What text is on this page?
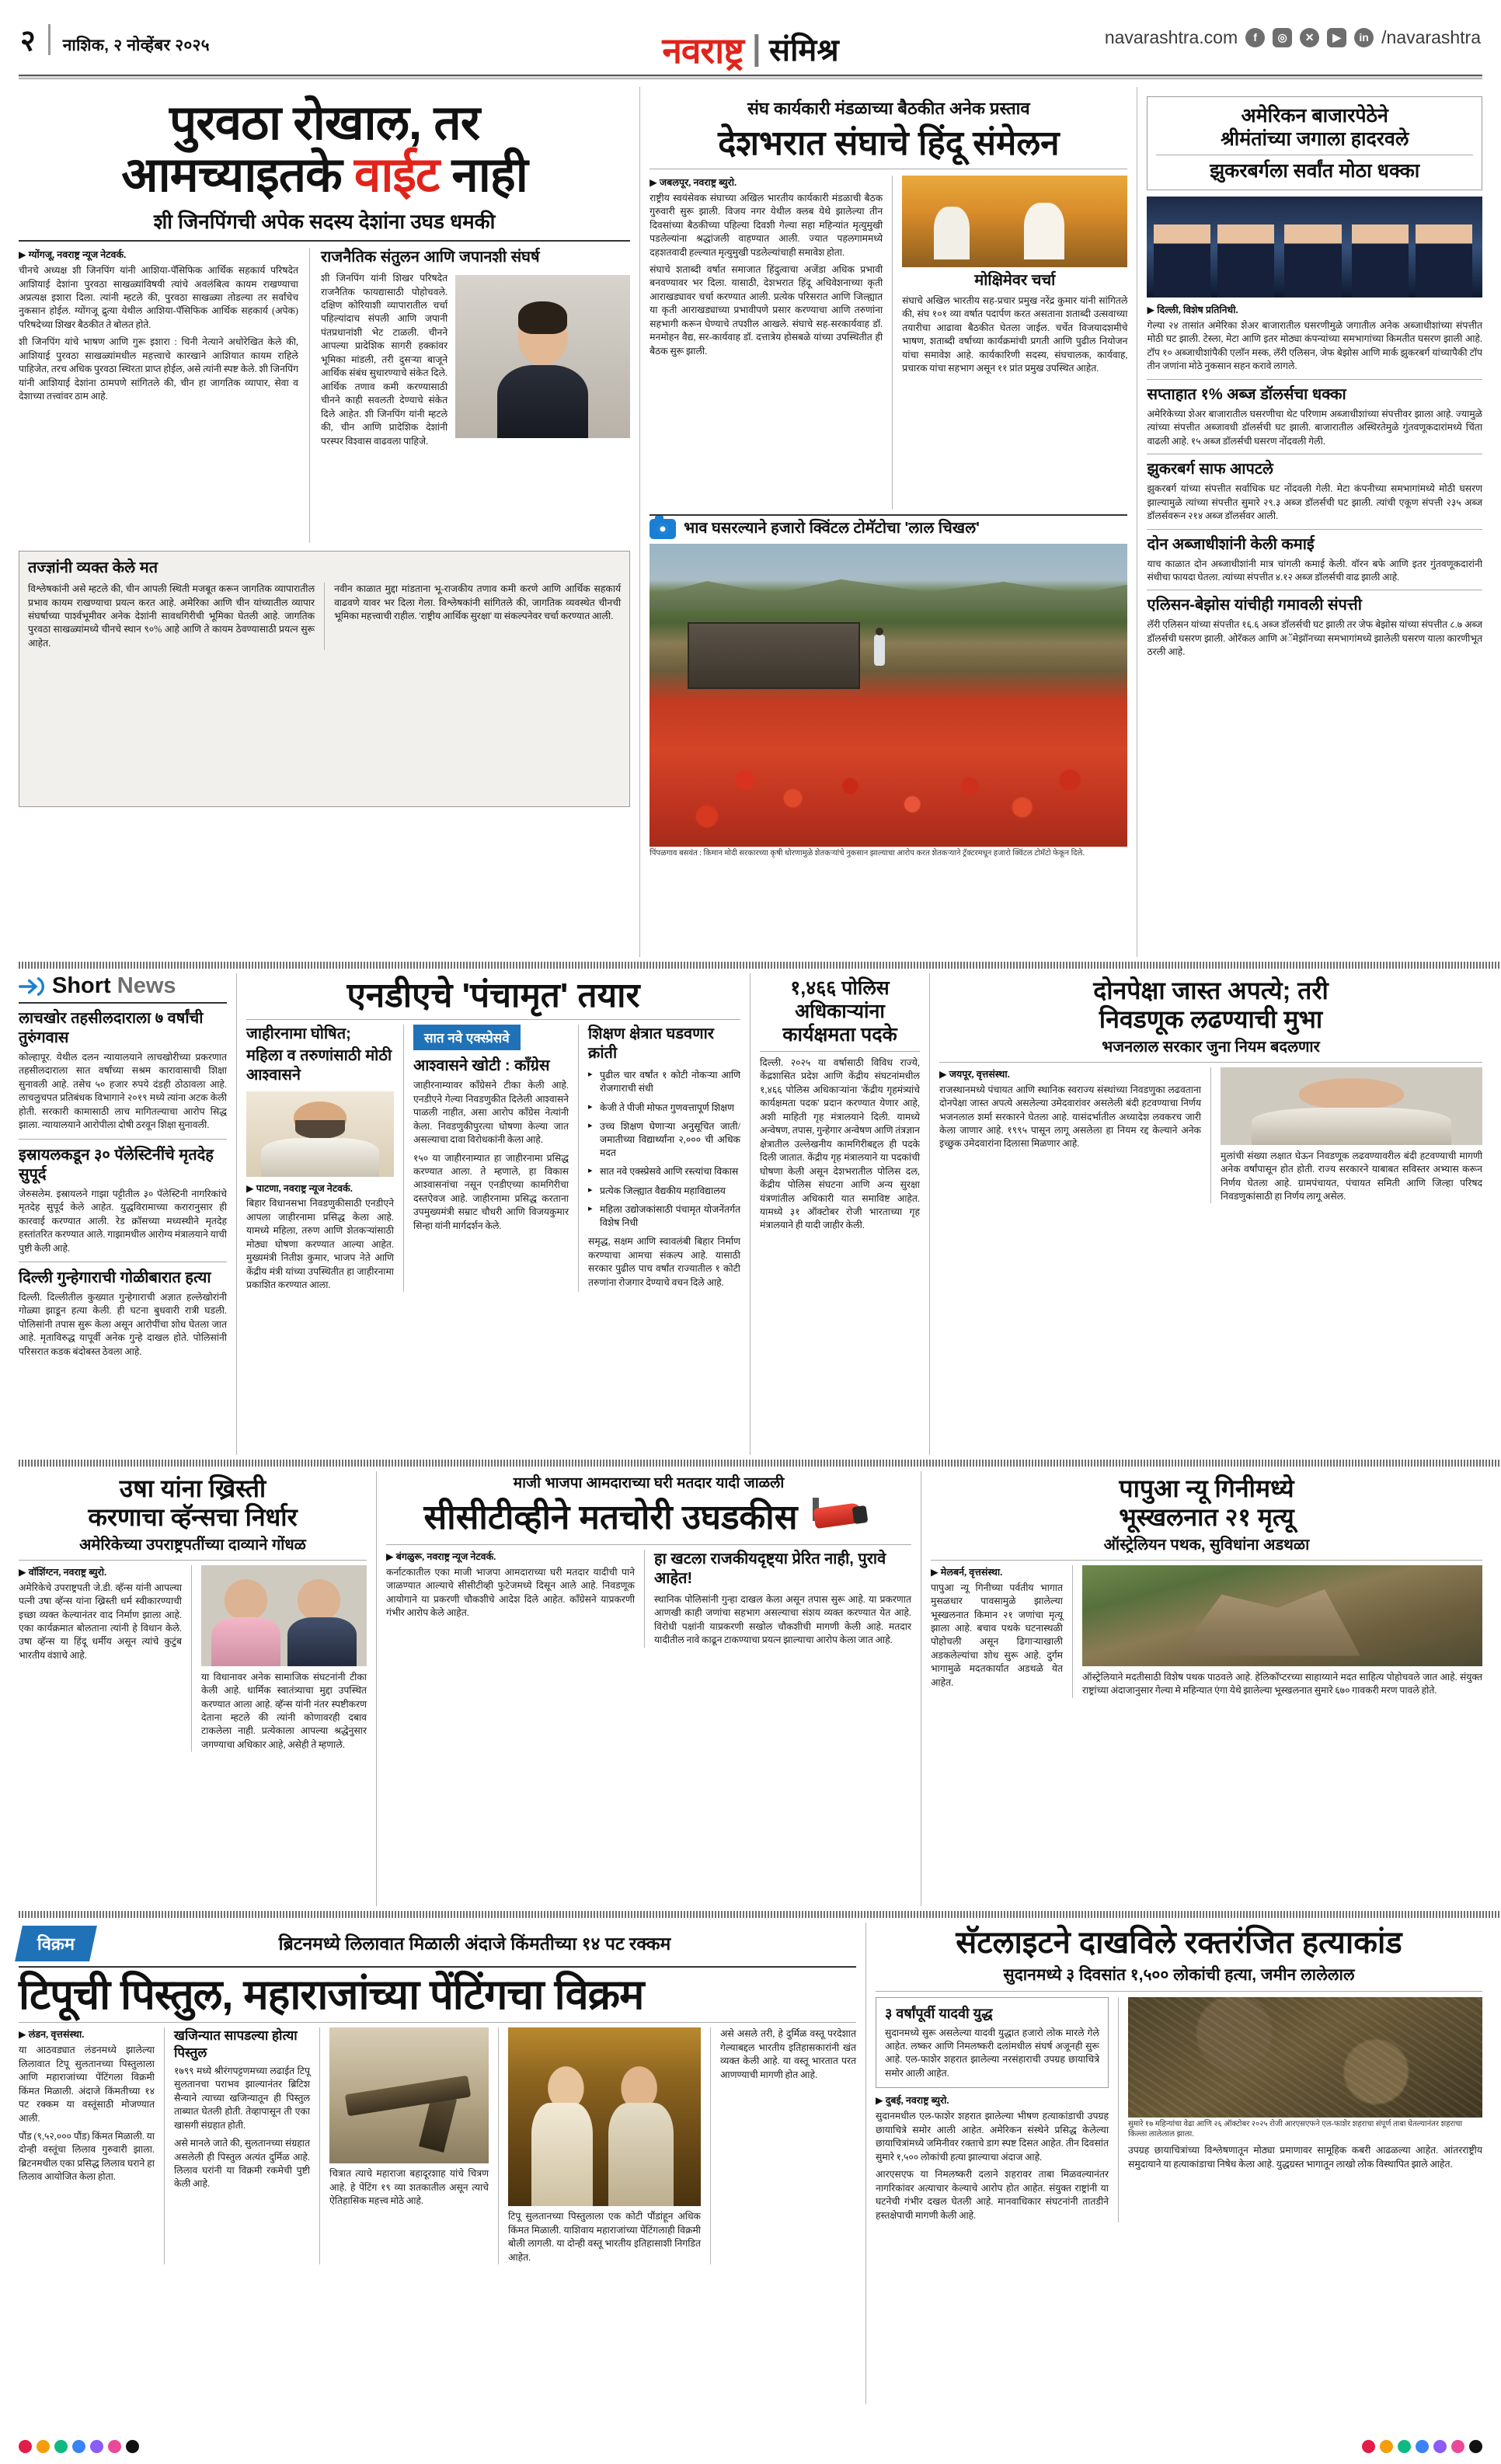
२ नाशिक, २ नोव्हेंबर २०२५	नवराष्ट्र संमिश्र	navarashtra.com	f	◎	✕	▶	in /navarashtra
पुरवठा रोखाल, तर
आमच्याइतके वाईट नाही
शी जिनपिंगची अपेक सदस्य देशांना उघड धमकी
▶ ग्योंगजू, नवराष्ट्र न्यूज नेटवर्क.

चीनचे अध्यक्ष शी जिनपिंग यांनी आशिया-पॅसिफिक आर्थिक सहकार्य परिषदेत आशियाई देशांना पुरवठा साखळ्यांविषयी त्यांचे अवलंबित्व कायम राखण्याचा अप्रत्यक्ष इशारा दिला. त्यांनी म्हटले की, पुरवठा साखळ्या तोडल्या तर सर्वांचेच नुकसान होईल. ग्योंगजू द्रुत्या येथील आशिया-पॅसिफिक आर्थिक सहकार्य (अपेक) परिषदेच्या शिखर बैठकीत ते बोलत होते.

शी जिनपिंग यांचे भाषण आणि गुरू इशारा : चिनी नेत्याने अधोरेखित केले की, आशियाई पुरवठा साखळ्यांमधील महत्त्वाचे कारखाने आशियात कायम राहिले पाहिजेत, तरच अधिक पुरवठा स्थिरता प्राप्त होईल, असे त्यांनी स्पष्ट केले. शी जिनपिंग यांनी आशियाई देशांना ठामपणे सांगितले की, चीन हा जागतिक व्यापार, सेवा व देशाच्या तत्त्वांवर ठाम आहे.

राजनैतिक संतुलन आणि जपानशी संघर्ष
शी जिनपिंग यांनी शिखर परिषदेत राजनैतिक फायद्यासाठी पोहोचवले. दक्षिण कोरियाशी व्यापारातील चर्चा पहिल्यांदाच संपली आणि जपानी पंतप्रधानांशी भेट टाळली. चीनने आपल्या प्रादेशिक सागरी हक्कांवर भूमिका मांडली, तरी दुसऱ्या बाजूने आर्थिक संबंध सुधारण्याचे संकेत दिले. आर्थिक तणाव कमी करण्यासाठी चीनने काही सवलती देण्याचे संकेत दिले आहेत. शी जिनपिंग यांनी म्हटले की, चीन आणि प्रादेशिक देशांनी परस्पर विश्वास वाढवला पाहिजे.
तज्ज्ञांनी व्यक्त केले मत
विश्लेषकांनी असे म्हटले की, चीन आपली स्थिती मजबूत करून जागतिक व्यापारातील प्रभाव कायम राखण्याचा प्रयत्न करत आहे. अमेरिका आणि चीन यांच्यातील व्यापार संघर्षाच्या पार्श्वभूमीवर अनेक देशांनी सावधगिरीची भूमिका घेतली आहे. जागतिक पुरवठा साखळ्यांमध्ये चीनचे स्थान ९०% आहे आणि ते कायम ठेवण्यासाठी प्रयत्न सुरू आहेत.
नवीन काळात मुद्दा मांडताना भू-राजकीय तणाव कमी करणे आणि आर्थिक सहकार्य वाढवणे यावर भर दिला गेला. विश्लेषकांनी सांगितले की, जागतिक व्यवस्थेत चीनची भूमिका महत्त्वाची राहील. 'राष्ट्रीय आर्थिक सुरक्षा' या संकल्पनेवर चर्चा करण्यात आली.
संघ कार्यकारी मंडळाच्या बैठकीत अनेक प्रस्ताव
देशभरात संघाचे हिंदू संमेलन
▶ जबलपूर, नवराष्ट्र ब्युरो.

राष्ट्रीय स्वयंसेवक संघाच्या अखिल भारतीय कार्यकारी मंडळाची बैठक गुरुवारी सुरू झाली. विजय नगर येथील क्लब येथे झालेल्या तीन दिवसांच्या बैठकीच्या पहिल्या दिवशी गेल्या सहा महिन्यांत मृत्युमुखी पडलेल्यांना श्रद्धांजली वाहण्यात आली. ज्यात पहलगाममध्ये दहशतवादी हल्ल्यात मृत्युमुखी पडलेल्यांचाही समावेश होता.

संघाचे शताब्दी वर्षात समाजात हिंदुत्वाचा अजेंडा अधिक प्रभावी बनवण्यावर भर दिला. यासाठी, देशभरात हिंदू अधिवेशनाच्या कृती आराखड्यावर चर्चा करण्यात आली. प्रत्येक परिसरात आणि जिल्ह्यात या कृती आराखड्याच्या प्रभावीपणे प्रसार करण्याचा आणि तरुणांना सहभागी करून घेण्याचे तपशील आखले. संघाचे सह-सरकार्यवाह डॉ. मनमोहन वैद्य, सर-कार्यवाह डॉ. दत्तात्रेय होसबळे यांच्या उपस्थितीत ही बैठक सुरू झाली.

मोक्षिमेवर चर्चा
संघाचे अखिल भारतीय सह-प्रचार प्रमुख नरेंद्र कुमार यांनी सांगितले की, संघ १०१ व्या वर्षात पदार्पण करत असताना शताब्दी उत्सवाच्या तयारीचा आढावा बैठकीत घेतला जाईल. चर्चेत विजयादशमीचे भाषण, शताब्दी वर्षाच्या कार्यक्रमांची प्रगती आणि पुढील नियोजन यांचा समावेश आहे. कार्यकारिणी सदस्य, संघचालक, कार्यवाह, प्रचारक यांचा सहभाग असून ११ प्रांत प्रमुख उपस्थित आहेत.
भाव घसरल्याने हजारो क्विंटल टोमॅटोचा 'लाल चिखल'
पिंपळगाव बसवंत : किमान मोदी सरकारच्या कृषी धोरणामुळे शेतकऱ्यांचे नुकसान झाल्याचा आरोप करत शेतकऱ्याने ट्रॅक्टरमधून हजारो क्विंटल टोमॅटो फेकून दिले.
अमेरिकन बाजारपेठेने
श्रीमंतांच्या जगाला हादरवले
झुकरबर्गला सर्वांत मोठा धक्का
▶ दिल्ली, विशेष प्रतिनिधी.
गेल्या २४ तासांत अमेरिका शेअर बाजारातील घसरणीमुळे जगातील अनेक अब्जाधीशांच्या संपत्तीत मोठी घट झाली. टेस्ला, मेटा आणि इतर मोठ्या कंपन्यांच्या समभागांच्या किमतीत घसरण झाली आहे. टॉप १० अब्जाधीशांपैकी एलाॅन मस्क, लॅरी एलिसन, जेफ बेझोस आणि मार्क झुकरबर्ग यांच्यापैकी टॉप तीन जणांना मोठे नुकसान सहन करावे लागले.
सप्ताहात १% अब्ज डॉलर्सचा धक्का
अमेरिकेच्या शेअर बाजारातील घसरणीचा थेट परिणाम अब्जाधीशांच्या संपत्तीवर झाला आहे. ज्यामुळे त्यांच्या संपत्तीत अब्जावधी डॉलर्सची घट झाली. बाजारातील अस्थिरतेमुळे गुंतवणूकदारांमध्ये चिंता वाढली आहे. १५ अब्ज डॉलर्सची घसरण नोंदवली गेली.
झुकरबर्ग साफ आपटले
झुकरबर्ग यांच्या संपत्तीत सर्वाधिक घट नोंदवली गेली. मेटा कंपनीच्या समभागांमध्ये मोठी घसरण झाल्यामुळे त्यांच्या संपत्तीत सुमारे २९.३ अब्ज डॉलर्सची घट झाली. त्यांची एकूण संपत्ती २३५ अब्ज डॉलर्सवरून २१४ अब्ज डॉलर्सवर आली.
दोन अब्जाधीशांनी केली कमाई
याच काळात दोन अब्जाधीशांनी मात्र चांगली कमाई केली. वॉरन बफे आणि इतर गुंतवणूकदारांनी संधीचा फायदा घेतला. त्यांच्या संपत्तीत ४.१२ अब्ज डॉलर्सची वाढ झाली आहे.
एलिसन-बेझोस यांचीही गमावली संपत्ती
लॅरी एलिसन यांच्या संपत्तीत १६.६ अब्ज डॉलर्सची घट झाली तर जेफ बेझोस यांच्या संपत्तीत ८.७ अब्ज डॉलर्सची घसरण झाली. ओरॅकल आणि अॅमेझॉनच्या समभागांमध्ये झालेली घसरण याला कारणीभूत ठरली आहे.
Short News
लाचखोर तहसीलदाराला ७ वर्षांची तुरुंगवास
कोल्हापूर. येथील दलन न्यायालयाने लाचखोरीच्या प्रकरणात तहसीलदाराला सात वर्षांच्या सश्रम कारावासाची शिक्षा सुनावली आहे. तसेच ५० हजार रुपये दंडही ठोठावला आहे. लाचलुचपत प्रतिबंधक विभागाने २०१९ मध्ये त्यांना अटक केली होती. सरकारी कामासाठी लाच मागितल्याचा आरोप सिद्ध झाला. न्यायालयाने आरोपीला दोषी ठरवून शिक्षा सुनावली.
इस्रायलकडून ३० पॅलेस्टिनींचे मृतदेह सुपूर्द
जेरुसलेम. इस्रायलने गाझा पट्टीतील ३० पॅलेस्टिनी नागरिकांचे मृतदेह सुपूर्द केले आहेत. युद्धविरामाच्या करारानुसार ही कारवाई करण्यात आली. रेड क्रॉसच्या मध्यस्थीने मृतदेह हस्तांतरित करण्यात आले. गाझामधील आरोग्य मंत्रालयाने याची पुष्टी केली आहे.
दिल्ली गुन्हेगाराची गोळीबारात हत्या
दिल्ली. दिल्लीतील कुख्यात गुन्हेगाराची अज्ञात हल्लेखोरांनी गोळ्या झाडून हत्या केली. ही घटना बुधवारी रात्री घडली. पोलिसांनी तपास सुरू केला असून आरोपींचा शोध घेतला जात आहे. मृताविरुद्ध यापूर्वी अनेक गुन्हे दाखल होते. पोलिसांनी परिसरात कडक बंदोबस्त ठेवला आहे.
एनडीएचे 'पंचामृत' तयार
जाहीरनामा घोषित;
महिला व तरुणांसाठी मोठी आश्वासने
▶ पाटणा, नवराष्ट्र न्यूज नेटवर्क.
बिहार विधानसभा निवडणुकीसाठी एनडीएने आपला जाहीरनामा प्रसिद्ध केला आहे. यामध्ये महिला, तरुण आणि शेतकऱ्यांसाठी मोठ्या घोषणा करण्यात आल्या आहेत. मुख्यमंत्री नितीश कुमार, भाजप नेते आणि केंद्रीय मंत्री यांच्या उपस्थितीत हा जाहीरनामा प्रकाशित करण्यात आला.
सात नवे एक्स्प्रेसवे
आश्वासने खोटी : काँग्रेस
जाहीरनाम्यावर काँग्रेसने टीका केली आहे. एनडीएने गेल्या निवडणुकीत दिलेली आश्वासने पाळली नाहीत, असा आरोप काँग्रेस नेत्यांनी केला. निवडणुकीपुरत्या घोषणा केल्या जात असल्याचा दावा विरोधकांनी केला आहे.
१५० या जाहीरनाम्यात हा जाहीरनामा प्रसिद्ध करण्यात आला. ते म्हणाले, हा विकास आश्वासनांचा नसून एनडीएच्या कामगिरीचा दस्तऐवज आहे. जाहीरनामा प्रसिद्ध करताना उपमुख्यमंत्री सम्राट चौधरी आणि विजयकुमार सिन्हा यांनी मार्गदर्शन केले.
शिक्षण क्षेत्रात घडवणार क्रांती
▸ पुढील चार वर्षांत १ कोटी नोकऱ्या आणि रोजगाराची संधी
▸ केजी ते पीजी मोफत गुणवत्तापूर्ण शिक्षण
▸ उच्च शिक्षण घेणाऱ्या अनुसूचित जाती/जमातीच्या विद्यार्थ्यांना २,००० ची अधिक मदत
▸ सात नवे एक्स्प्रेसवे आणि रस्त्यांचा विकास
▸ प्रत्येक जिल्ह्यात वैद्यकीय महाविद्यालय
▸ महिला उद्योजकांसाठी पंचामृत योजनेंतर्गत विशेष निधी
समृद्ध, सक्षम आणि स्वावलंबी बिहार निर्माण करण्याचा आमचा संकल्प आहे. यासाठी सरकार पुढील पाच वर्षांत राज्यातील १ कोटी तरुणांना रोजगार देण्याचे वचन दिले आहे.
१,४६६ पोलिस
अधिकाऱ्यांना
कार्यक्षमता पदके
दिल्ली. २०२५ या वर्षासाठी विविध राज्ये, केंद्रशासित प्रदेश आणि केंद्रीय संघटनांमधील १,४६६ पोलिस अधिकाऱ्यांना 'केंद्रीय गृहमंत्र्यांचे कार्यक्षमता पदक' प्रदान करण्यात येणार आहे, अशी माहिती गृह मंत्रालयाने दिली. यामध्ये अन्वेषण, तपास, गुन्हेगार अन्वेषण आणि तंत्रज्ञान क्षेत्रातील उल्लेखनीय कामगिरीबद्दल ही पदके दिली जातात. केंद्रीय गृह मंत्रालयाने या पदकांची घोषणा केली असून देशभरातील पोलिस दल, केंद्रीय पोलिस संघटना आणि अन्य सुरक्षा यंत्रणांतील अधिकारी यात समाविष्ट आहेत. यामध्ये ३१ ऑक्टोबर रोजी भारताच्या गृह मंत्रालयाने ही यादी जाहीर केली.
दोनपेक्षा जास्त अपत्ये; तरी
निवडणूक लढण्याची मुभा
भजनलाल सरकार जुना नियम बदलणार
▶ जयपूर, वृत्तसंस्था.
राजस्थानमध्ये पंचायत आणि स्थानिक स्वराज्य संस्थांच्या निवडणुका लढवताना दोनपेक्षा जास्त अपत्ये असलेल्या उमेदवारांवर असलेली बंदी हटवण्याचा निर्णय भजनलाल शर्मा सरकारने घेतला आहे. यासंदर्भातील अध्यादेश लवकरच जारी केला जाणार आहे. १९९५ पासून लागू असलेला हा नियम रद्द केल्याने अनेक इच्छुक उमेदवारांना दिलासा मिळणार आहे.
मुलांची संख्या लक्षात घेऊन निवडणूक लढवण्यावरील बंदी हटवण्याची मागणी अनेक वर्षांपासून होत होती. राज्य सरकारने याबाबत सविस्तर अभ्यास करून निर्णय घेतला आहे. ग्रामपंचायत, पंचायत समिती आणि जिल्हा परिषद निवडणुकांसाठी हा निर्णय लागू असेल.
उषा यांना ख्रिस्ती
करणाचा व्हॅन्सचा निर्धार
अमेरिकेच्या उपराष्ट्रपतींच्या दाव्याने गोंधळ
▶ वॉशिंग्टन, नवराष्ट्र ब्युरो.
अमेरिकेचे उपराष्ट्रपती जे.डी. व्हॅन्स यांनी आपल्या पत्नी उषा व्हॅन्स यांना ख्रिस्ती धर्म स्वीकारण्याची इच्छा व्यक्त केल्यानंतर वाद निर्माण झाला आहे. एका कार्यक्रमात बोलताना त्यांनी हे विधान केले. उषा व्हॅन्स या हिंदू धर्मीय असून त्यांचे कुटुंब भारतीय वंशाचे आहे.
या विधानावर अनेक सामाजिक संघटनांनी टीका केली आहे. धार्मिक स्वातंत्र्याचा मुद्दा उपस्थित करण्यात आला आहे. व्हॅन्स यांनी नंतर स्पष्टीकरण देताना म्हटले की त्यांनी कोणावरही दबाव टाकलेला नाही. प्रत्येकाला आपल्या श्रद्धेनुसार जगण्याचा अधिकार आहे, असेही ते म्हणाले.
माजी भाजपा आमदाराच्या घरी मतदार यादी जाळली
सीसीटीव्हीने मतचोरी उघडकीस
▶ बंगळुरू, नवराष्ट्र न्यूज नेटवर्क.
कर्नाटकातील एका माजी भाजपा आमदाराच्या घरी मतदार यादीची पाने जाळण्यात आल्याचे सीसीटीव्ही फुटेजमध्ये दिसून आले आहे. निवडणूक आयोगाने या प्रकरणी चौकशीचे आदेश दिले आहेत. काँग्रेसने याप्रकरणी गंभीर आरोप केले आहेत.
हा खटला राजकीयदृष्ट्या प्रेरित नाही, पुरावे आहेत!
स्थानिक पोलिसांनी गुन्हा दाखल केला असून तपास सुरू आहे. या प्रकरणात आणखी काही जणांचा सहभाग असल्याचा संशय व्यक्त करण्यात येत आहे. विरोधी पक्षांनी याप्रकरणी सखोल चौकशीची मागणी केली आहे. मतदार यादीतील नावे काढून टाकण्याचा प्रयत्न झाल्याचा आरोप केला जात आहे.
पापुआ न्यू गिनीमध्ये
भूस्खलनात २१ मृत्यू
ऑस्ट्रेलियन पथक, सुविधांना अडथळा
▶ मेलबर्न, वृत्तसंस्था.
पापुआ न्यू गिनीच्या पर्वतीय भागात मुसळधार पावसामुळे झालेल्या भूस्खलनात किमान २१ जणांचा मृत्यू झाला आहे. बचाव पथके घटनास्थळी पोहोचली असून ढिगाऱ्याखाली अडकलेल्यांचा शोध सुरू आहे. दुर्गम भागामुळे मदतकार्यात अडथळे येत आहेत.
ऑस्ट्रेलियाने मदतीसाठी विशेष पथक पाठवले आहे. हेलिकॉप्टरच्या साहाय्याने मदत साहित्य पोहोचवले जात आहे. संयुक्त राष्ट्रांच्या अंदाजानुसार गेल्या मे महिन्यात एंगा येथे झालेल्या भूस्खलनात सुमारे ६७० गावकरी मरण पावले होते.
विक्रम	ब्रिटनमध्ये लिलावात मिळाली अंदाजे किंमतीच्या १४ पट रक्कम
टिपूची पिस्तुल, महाराजांच्या पेंटिंगचा विक्रम
▶ लंडन, वृत्तसंस्था.
या आठवड्यात लंडनमध्ये झालेल्या लिलावात टिपू सुलतानच्या पिस्तुलाला आणि महाराजांच्या पेंटिंगला विक्रमी किंमत मिळाली. अंदाजे किंमतीच्या १४ पट रक्कम या वस्तूंसाठी मोजण्यात आली.
पौंड (९,५२,००० पौंड) किंमत मिळाली. या दोन्ही वस्तूंचा लिलाव गुरुवारी झाला. ब्रिटनमधील एका प्रसिद्ध लिलाव घराने हा लिलाव आयोजित केला होता.
खजिन्यात सापडल्या होत्या पिस्तुल
१७९९ मध्ये श्रीरंगपट्टणमच्या लढाईत टिपू सुलतानचा पराभव झाल्यानंतर ब्रिटिश सैन्याने त्याच्या खजिन्यातून ही पिस्तुल ताब्यात घेतली होती. तेव्हापासून ती एका खासगी संग्रहात होती.
असे मानले जाते की, सुलतानच्या संग्रहात असलेली ही पिस्तुल अत्यंत दुर्मिळ आहे. लिलाव घरांनी या विक्रमी रकमेची पुष्टी केली आहे.
चित्रात त्याचे महाराजा बहादूरशाह यांचे चित्रण आहे. हे पेंटिंग १९ व्या शतकातील असून त्याचे ऐतिहासिक महत्त्व मोठे आहे.
टिपू सुलतानच्या पिस्तुलाला एक कोटी पौंडांहून अधिक किंमत मिळाली. याशिवाय महाराजांच्या पेंटिंगलाही विक्रमी बोली लागली. या दोन्ही वस्तू भारतीय इतिहासाशी निगडित आहेत.
असे असले तरी, हे दुर्मिळ वस्तू परदेशात गेल्याबद्दल भारतीय इतिहासकारांनी खंत व्यक्त केली आहे. या वस्तू भारतात परत आणण्याची मागणी होत आहे.
सॅटलाइटने दाखविले रक्तरंजित हत्याकांड
सुदानमध्ये ३ दिवसांत १,५०० लोकांची हत्या, जमीन लालेलाल
३ वर्षांपूर्वी यादवी युद्ध
सुदानमध्ये सुरू असलेल्या यादवी युद्धात हजारो लोक मारले गेले आहेत. लष्कर आणि निमलष्करी दलांमधील संघर्ष अजूनही सुरू आहे. एल-फाशेर शहरात झालेल्या नरसंहाराची उपग्रह छायाचित्रे समोर आली आहेत.
▶ दुबई, नवराष्ट्र ब्युरो.
सुदानमधील एल-फाशेर शहरात झालेल्या भीषण हत्याकांडाची उपग्रह छायाचित्रे समोर आली आहेत. अमेरिकन संस्थेने प्रसिद्ध केलेल्या छायाचित्रांमध्ये जमिनीवर रक्ताचे डाग स्पष्ट दिसत आहेत. तीन दिवसांत सुमारे १,५०० लोकांची हत्या झाल्याचा अंदाज आहे.
आरएसएफ या निमलष्करी दलाने शहरावर ताबा मिळवल्यानंतर नागरिकांवर अत्याचार केल्याचे आरोप होत आहेत. संयुक्त राष्ट्रांनी या घटनेची गंभीर दखल घेतली आहे. मानवाधिकार संघटनांनी तातडीने हस्तक्षेपाची मागणी केली आहे.
सुमारे १७ महिन्यांचा वेढा आणि २६ ऑक्टोबर २०२५ रोजी आरएसएफने एल-फाशेर शहराचा संपूर्ण ताबा घेतल्यानंतर शहराचा किल्ला लालेलाल झाला.
उपग्रह छायाचित्रांच्या विश्लेषणातून मोठ्या प्रमाणावर सामूहिक कबरी आढळल्या आहेत. आंतरराष्ट्रीय समुदायाने या हत्याकांडाचा निषेध केला आहे. युद्धग्रस्त भागातून लाखो लोक विस्थापित झाले आहेत.
